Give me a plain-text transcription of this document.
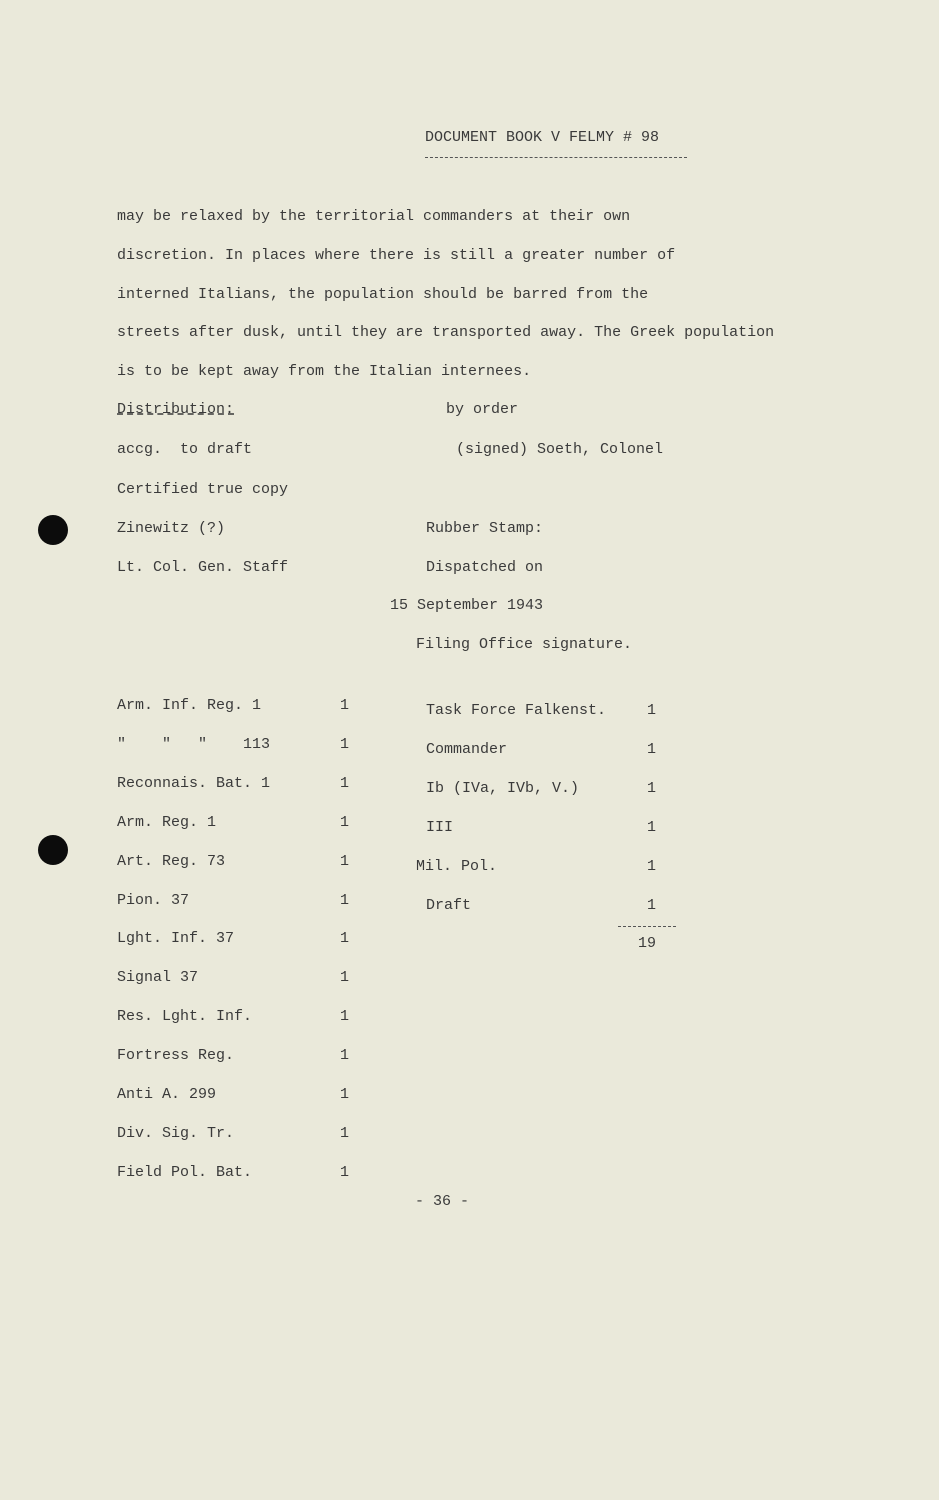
DOCUMENT BOOK V FELMY # 98
may be relaxed by the territorial commanders at their own
discretion. In places where there is still a greater number of
interned Italians, the population should be barred from the
streets after dusk, until they are transported away. The Greek population
is to be kept away from the Italian internees.
Distribution:
accg.  to draft
Certified true copy
Zinewitz (?)
Lt. Col. Gen. Staff
by order
(signed) Soeth, Colonel
Rubber Stamp:
Dispatched on
15 September 1943
Filing Office signature.
Arm. Inf. Reg. 1	1
"    "   "    113	1
Reconnais. Bat. 1	1
Arm. Reg. 1	1
Art. Reg. 73	1
Pion. 37	1
Lght. Inf. 37	1
Signal 37	1
Res. Lght. Inf.	1
Fortress Reg.	1
Anti A. 299	1
Div. Sig. Tr.	1
Field Pol. Bat.	1
Task Force Falkenst.	1
Commander	1
Ib (IVa, IVb, V.)	1
III	1
Mil. Pol.	1
Draft	1
19
- 36 -
